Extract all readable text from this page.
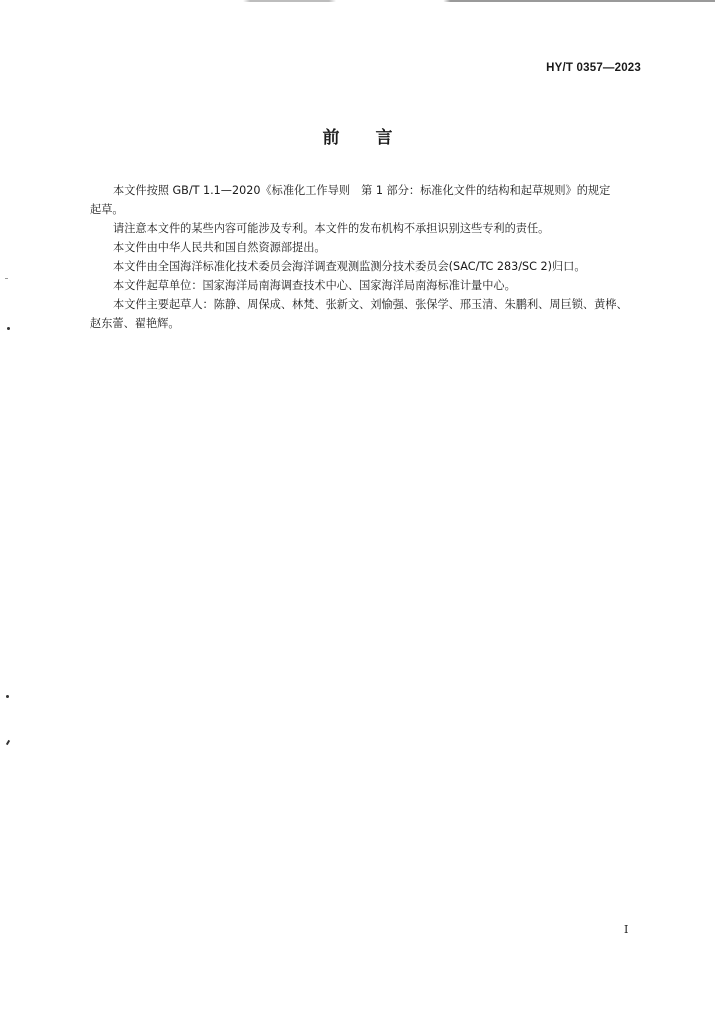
HY/T 0357—2023
前 言
本文件按照 GB/T 1.1—2020《标准化工作导则　第 1 部分：标准化文件的结构和起草规则》的规定
起草。
请注意本文件的某些内容可能涉及专利。本文件的发布机构不承担识别这些专利的责任。
本文件由中华人民共和国自然资源部提出。
本文件由全国海洋标准化技术委员会海洋调查观测监测分技术委员会(SAC/TC 283/SC 2)归口。
本文件起草单位：国家海洋局南海调查技术中心、国家海洋局南海标准计量中心。
本文件主要起草人：陈静、周保成、林梵、张新文、刘愉强、张保学、邢玉清、朱鹏利、周巨锁、黄桦、
赵东蕾、翟艳辉。
I
